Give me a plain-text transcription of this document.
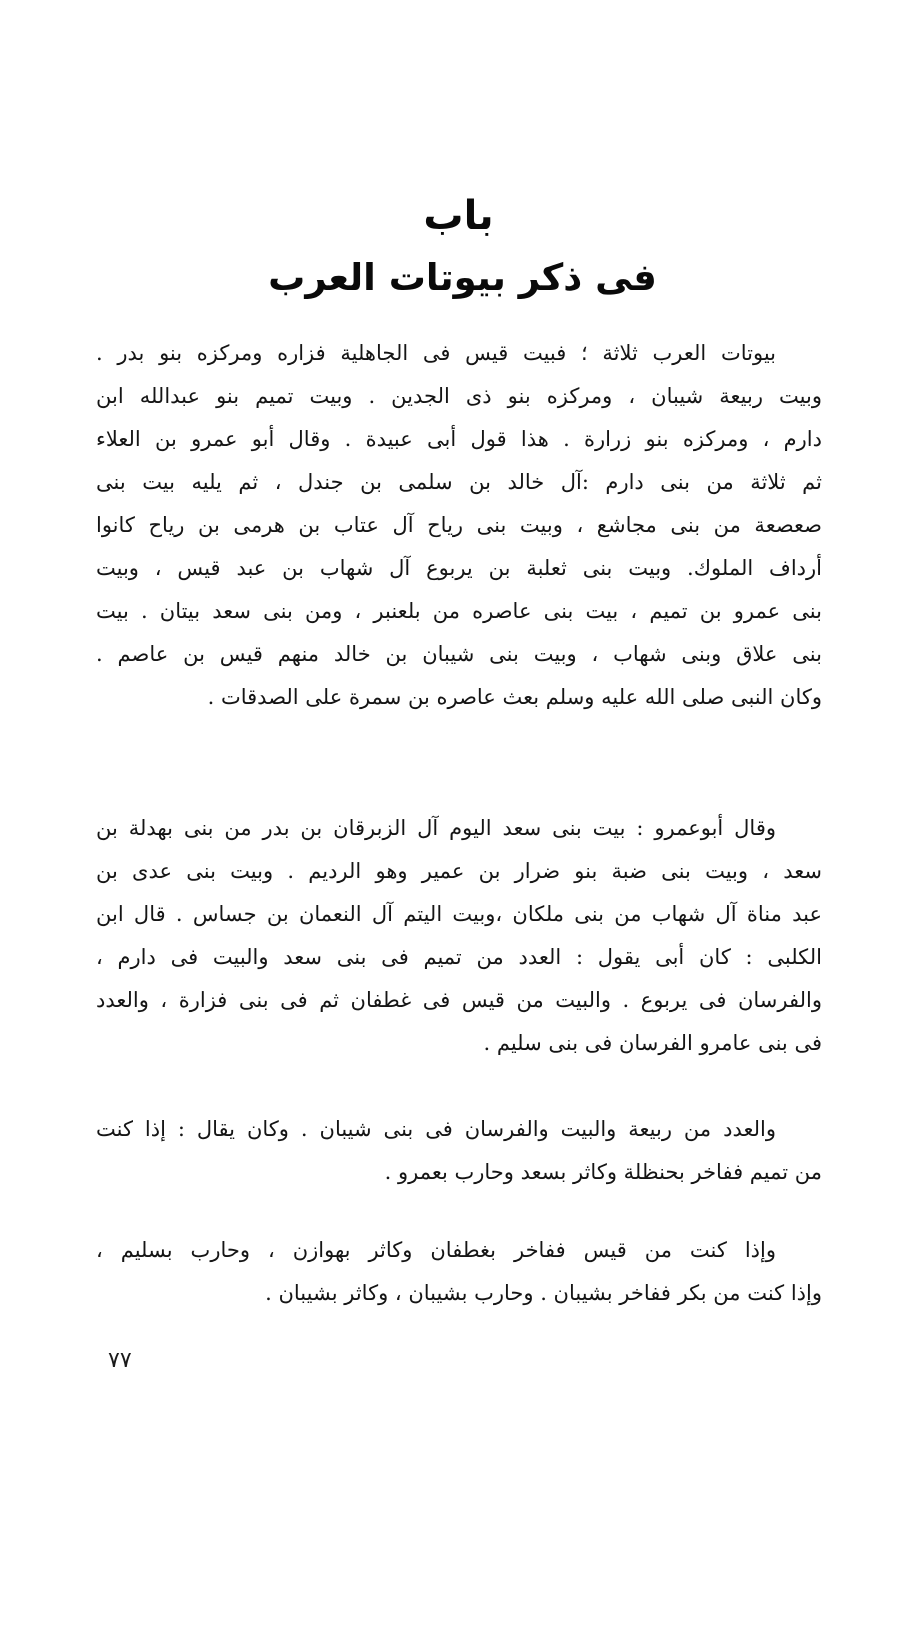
باب
فى ذكر بيوتات العرب
بيوتات العرب ثلاثة ؛ فبيت قيس فى الجاهلية فزاره ومركزه بنو بدر .
وبيت ربيعة شيبان ، ومركزه بنو ذى الجدين . وبيت تميم بنو عبدالله ابن
دارم ، ومركزه بنو زرارة . هذا قول أبى عبيدة . وقال أبو عمرو بن العلاء
ثم ثلاثة من بنى دارم :آل خالد بن سلمى بن جندل ، ثم يليه بيت بنى
صعصعة من بنى مجاشع ، وبيت بنى رياح آل عتاب بن هرمى بن رياح كانوا
أرداف الملوك. وبيت بنى ثعلبة بن يربوع آل شهاب بن عبد قيس ، وبيت
بنى عمرو بن تميم ، بيت بنى عاصره من بلعنبر ، ومن بنى سعد بيتان . بيت
بنى علاق وبنى شهاب ، وبيت بنى شيبان بن خالد منهم قيس بن عاصم .
وكان النبى صلى الله عليه وسلم بعث عاصره بن سمرة على الصدقات .
وقال أبوعمرو : بيت بنى سعد اليوم آل الزبرقان بن بدر من بنى بهدلة بن
سعد ، وبيت بنى ضبة بنو ضرار بن عمير وهو الرديم . وبيت بنى عدى بن
عبد مناة آل شهاب من بنى ملكان ،وبيت اليتم آل النعمان بن جساس . قال ابن
الكلبى : كان أبى يقول : العدد من تميم فى بنى سعد والبيت فى دارم ،
والفرسان فى يربوع . والبيت من قيس فى غطفان ثم فى بنى فزارة ، والعدد
فى بنى عامرو الفرسان فى بنى سليم .
والعدد من ربيعة والبيت والفرسان فى بنى شيبان . وكان يقال : إذا كنت
من تميم ففاخر بحنظلة وكاثر بسعد وحارب بعمرو .
وإذا كنت من قيس ففاخر بغطفان وكاثر بهوازن ، وحارب بسليم ،
وإذا كنت من بكر ففاخر بشيبان . وحارب بشيبان ، وكاثر بشيبان .
٧٧
